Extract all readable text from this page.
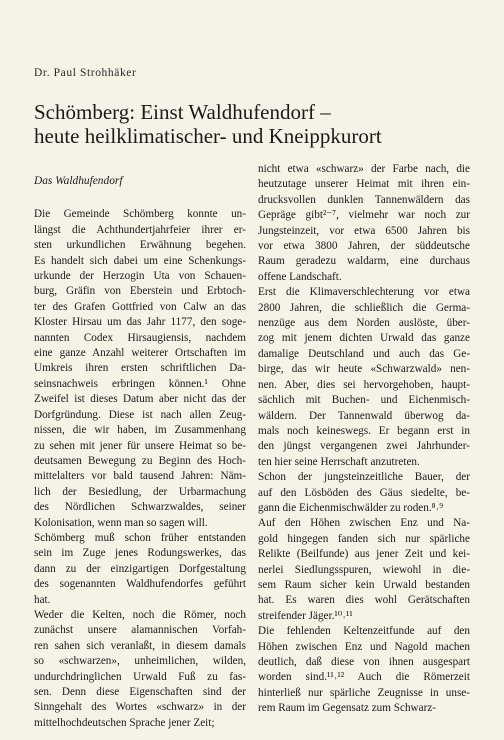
Dr. Paul Strohhäker
Schömberg: Einst Waldhufendorf –
heute heilklimatischer- und Kneippkurort
Das Waldhufendorf

Die Gemeinde Schömberg konnte un-
längst die Achthundertjahrfeier ihrer er-
sten urkundlichen Erwähnung begehen.
Es handelt sich dabei um eine Schenkungs-
urkunde der Herzogin Uta von Schauen-
burg, Gräfin von Eberstein und Erbtoch-
ter des Grafen Gottfried von Calw an das
Kloster Hirsau um das Jahr 1177, den soge-
nannten Codex Hirsaugiensis, nachdem
eine ganze Anzahl weiterer Ortschaften im
Umkreis ihren ersten schriftlichen Da-
seinsnachweis erbringen können.¹ Ohne
Zweifel ist dieses Datum aber nicht das der
Dorfgründung. Diese ist nach allen Zeug-
nissen, die wir haben, im Zusammenhang
zu sehen mit jener für unsere Heimat so be-
deutsamen Bewegung zu Beginn des Hoch-
mittelalters vor bald tausend Jahren: Näm-
lich der Besiedlung, der Urbarmachung
des Nördlichen Schwarzwaldes, seiner
Kolonisation, wenn man so sagen will.

Schömberg muß schon früher entstanden
sein im Zuge jenes Rodungswerkes, das
dann zu der einzigartigen Dorfgestaltung
des sogenannten Waldhufendorfes geführt
hat.

Weder die Kelten, noch die Römer, noch
zunächst unsere alamannischen Vorfah-
ren sahen sich veranlaßt, in diesem damals
so «schwarzen», unheimlichen, wilden,
undurchdringlichen Urwald Fuß zu fas-
sen. Denn diese Eigenschaften sind der
Sinngehalt des Wortes «schwarz» in der
mittelhochdeutschen Sprache jener Zeit;

nicht etwa «schwarz» der Farbe nach, die
heutzutage unserer Heimat mit ihren ein-
drucksvollen dunklen Tannenwäldern das
Gepräge gibt²⁻⁷, vielmehr war noch zur
Jungsteinzeit, vor etwa 6500 Jahren bis
vor etwa 3800 Jahren, der süddeutsche
Raum geradezu waldarm, eine durchaus
offene Landschaft.

Erst die Klimaverschlechterung vor etwa
2800 Jahren, die schließlich die Germa-
nenzüge aus dem Norden auslöste, über-
zog mit jenem dichten Urwald das ganze
damalige Deutschland und auch das Ge-
birge, das wir heute «Schwarzwald» nen-
nen. Aber, dies sei hervorgehoben, haupt-
sächlich mit Buchen- und Eichenmisch-
wäldern. Der Tannenwald überwog da-
mals noch keineswegs. Er begann erst in
den jüngst vergangenen zwei Jahrhunder-
ten hier seine Herrschaft anzutreten.

Schon der jungsteinzeitliche Bauer, der
auf den Lösböden des Gäus siedelte, be-
gann die Eichenmischwälder zu roden.⁸˒⁹

Auf den Höhen zwischen Enz und Na-
gold hingegen fanden sich nur spärliche
Relikte (Beilfunde) aus jener Zeit und kei-
nerlei Siedlungsspuren, wiewohl in die-
sem Raum sicher kein Urwald bestanden
hat. Es waren dies wohl Gerätschaften
streifender Jäger.¹⁰˒¹¹

Die fehlenden Keltenzeitfunde auf den
Höhen zwischen Enz und Nagold machen
deutlich, daß diese von ihnen ausgespart
worden sind.¹¹˒¹² Auch die Römerzeit
hinterließ nur spärliche Zeugnisse in unse-
rem Raum im Gegensatz zum Schwarz-
